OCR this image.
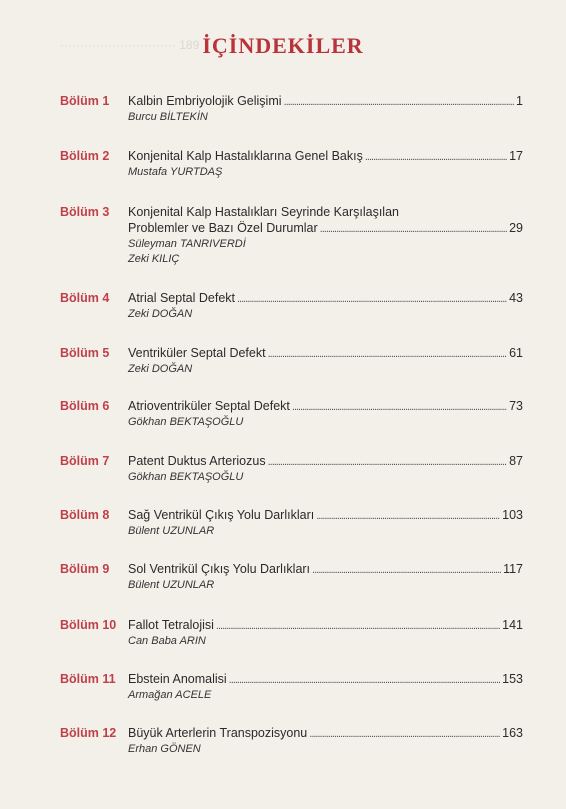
····························· 189 İÇİNDEKİLER
Bölüm 1	Kalbin Embriyolojik Gelişimi .....	1
Burcu BİLTEKİN
Bölüm 2	Konjenital Kalp Hastalıklarına Genel Bakış .....	17
Mustafa YURTDAŞ
Bölüm 3	Konjenital Kalp Hastalıkları Seyrinde Karşılaşılan
Problemler ve Bazı Özel Durumlar .....	29
Süleyman TANRIVERDİ
Zeki KILIÇ
Bölüm 4	Atrial Septal Defekt .....	43
Zeki DOĞAN
Bölüm 5	Ventriküler Septal Defekt .....	61
Zeki DOĞAN
Bölüm 6	Atrioventriküler Septal Defekt .....	73
Gökhan BEKTAŞOĞLU
Bölüm 7	Patent Duktus Arteriozus .....	87
Gökhan BEKTAŞOĞLU
Bölüm 8	Sağ Ventrikül Çıkış Yolu Darlıkları .....	103
Bülent UZUNLAR
Bölüm 9	Sol Ventrikül Çıkış Yolu Darlıkları .....	117
Bülent UZUNLAR
Bölüm 10 Fallot Tetralojisi .....	141
Can Baba ARIN
Bölüm 11 Ebstein Anomalisi .....	153
Armağan ACELE
Bölüm 12 Büyük Arterlerin Transpozisyonu .....	163
Erhan GÖNEN
